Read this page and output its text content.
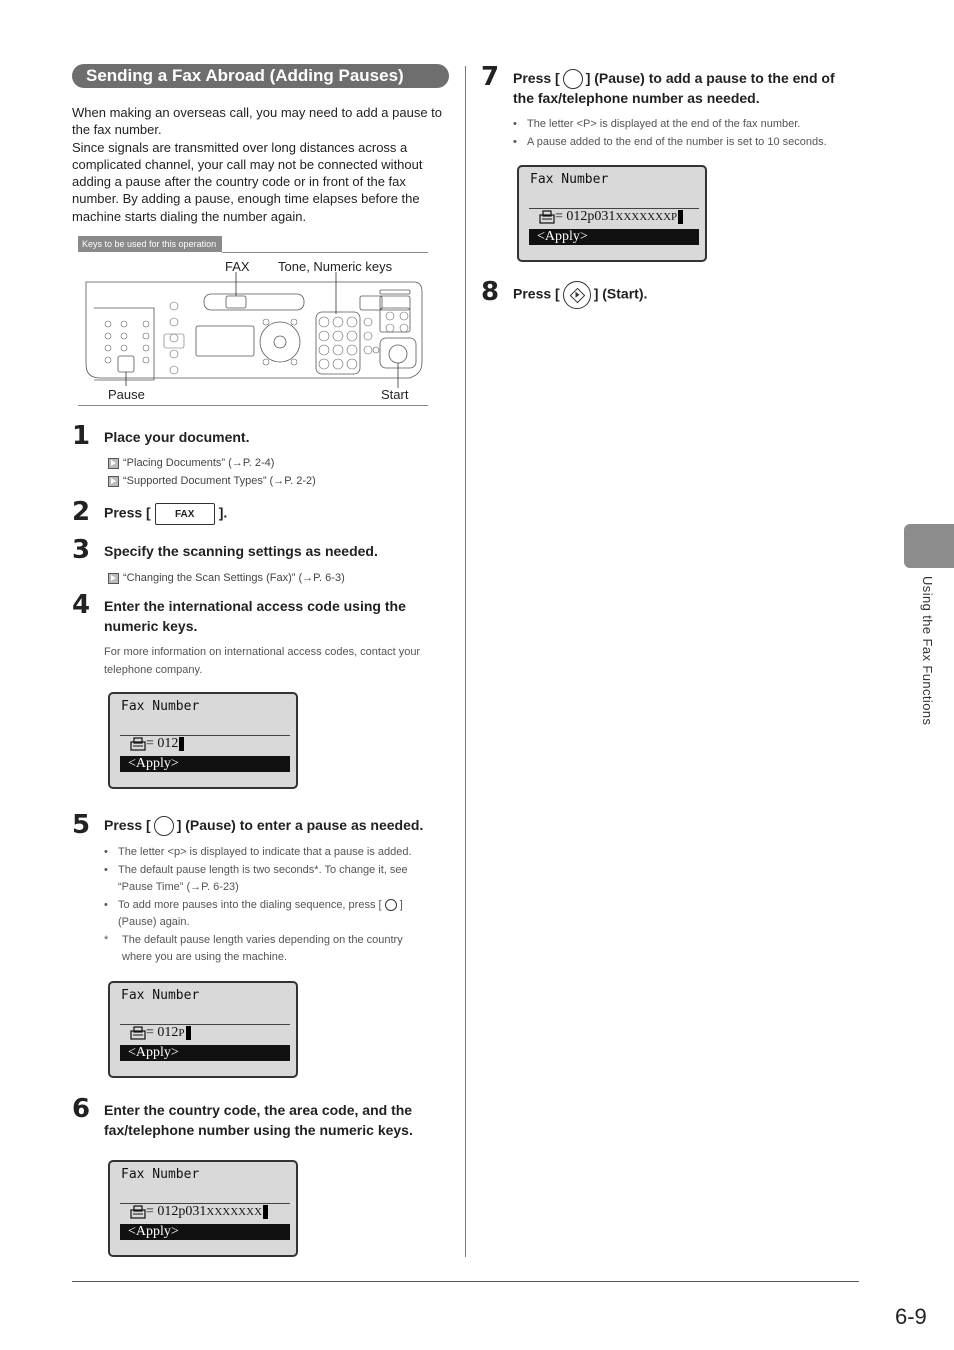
Sending a Fax Abroad (Adding Pauses)

When making an overseas call, you may need to add a pause to the fax number.

Since signals are transmitted over long distances across a complicated channel, your call may not be connected without adding a pause after the country code or in front of the fax number. By adding a pause, enough time elapses before the machine starts dialing the number again.

Keys to be used for this operation
FAX Tone, Numeric keys
Pause	Start
1 Place your document.
“Placing Documents” (→P. 2-4)
“Supported Document Types” (→P. 2-2)
2 Press [ FAX ].
3 Specify the scanning settings as needed.
“Changing the Scan Settings (Fax)” (→P. 6-3)
4 Enter the international access code using the
numeric keys.
For more information on international access codes, contact your
telephone company.
Fax Number
= 012
<Apply>
5 Press [ ] (Pause) to enter a pause as needed.
• The letter <p> is displayed to indicate that a pause is added.
• The default pause length is two seconds*. To change it, see
“Pause Time” (→P. 6-23)
• To add more pauses into the dialing sequence, press [ ]
(Pause) again.
*	The default pause length varies depending on the country
where you are using the machine.
Fax Number
= 012 P
<Apply>
6 Enter the country code, the area code, and the
fax/telephone number using the numeric keys.
Fax Number
= 012p031 XXXXXXX
<Apply>
7 Press [ ] (Pause) to add a pause to the end of
the fax/telephone number as needed.
• The letter <P> is displayed at the end of the fax number.
• A pause added to the end of the number is set to 10 seconds.
Fax Number
= 012p031 XXXXXXXP
<Apply>
8 Press [ ] (Start).
Using the Fax Functions
6-9
